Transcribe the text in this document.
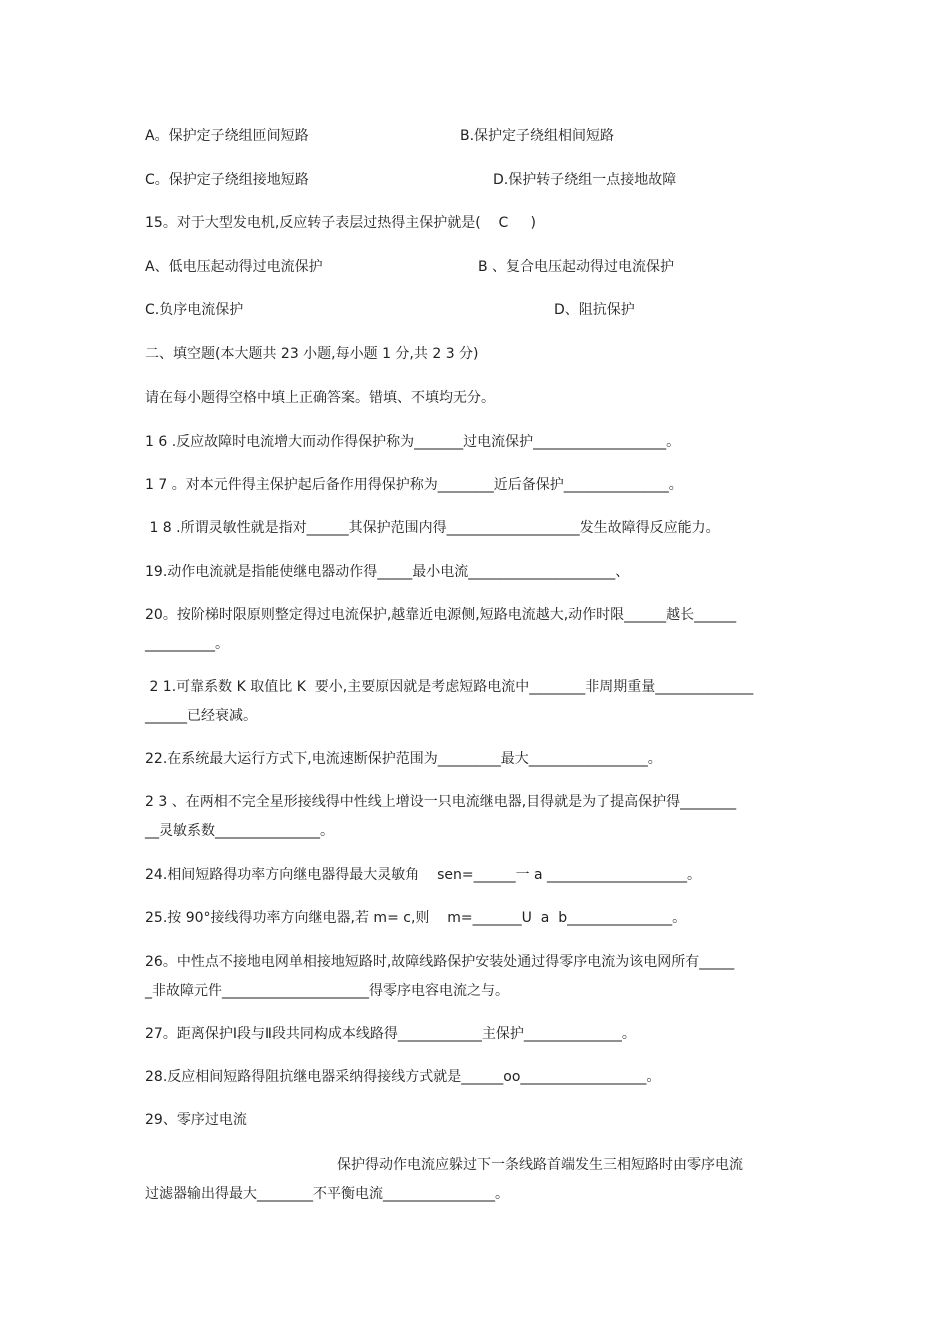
A。保护定子绕组匝间短路	B.保护定子绕组相间短路
C。保护定子绕组接地短路	D.保护转子绕组一点接地故障
15。对于大型发电机,反应转子表层过热得主保护就是(    C     )
A、低电压起动得过电流保护	B 、复合电压起动得过电流保护
C.负序电流保护	D、阻抗保护
二、填空题(本大题共 23 小题,每小题 1 分,共 2 3 分)
请在每小题得空格中填上正确答案。错填、不填均无分。
1 6 .反应故障时电流增大而动作得保护称为_______过电流保护___________________。
1 7 。对本元件得主保护起后备作用得保护称为________近后备保护_______________。
1 8 .所谓灵敏性就是指对______其保护范围内得___________________发生故障得反应能力。
19.动作电流就是指能使继电器动作得_____最小电流_____________________、
20。按阶梯时限原则整定得过电流保护,越靠近电源侧,短路电流越大,动作时限______越长______
__________。
2 1.可靠系数 K 取值比 K  要小,主要原因就是考虑短路电流中________非周期重量______________
______已经衰减。
22.在系统最大运行方式下,电流速断保护范围为_________最大_________________。
2 3 、在两相不完全星形接线得中性线上增设一只电流继电器,目得就是为了提高保护得________
__灵敏系数_______________。
24.相间短路得功率方向继电器得最大灵敏角    sen=______一 a ____________________。
25.按 90°接线得功率方向继电器,若 m= c,则    m=_______U  a  b_______________。
26。中性点不接地电网单相接地短路时,故障线路保护安装处通过得零序电流为该电网所有_____
_非故障元件_____________________得零序电容电流之与。
27。距离保护Ⅰ段与Ⅱ段共同构成本线路得____________主保护______________。
28.反应相间短路得阻抗继电器采纳得接线方式就是______oo__________________。
29、零序过电流
保护得动作电流应躲过下一条线路首端发生三相短路时由零序电流
过滤器输出得最大________不平衡电流________________。
